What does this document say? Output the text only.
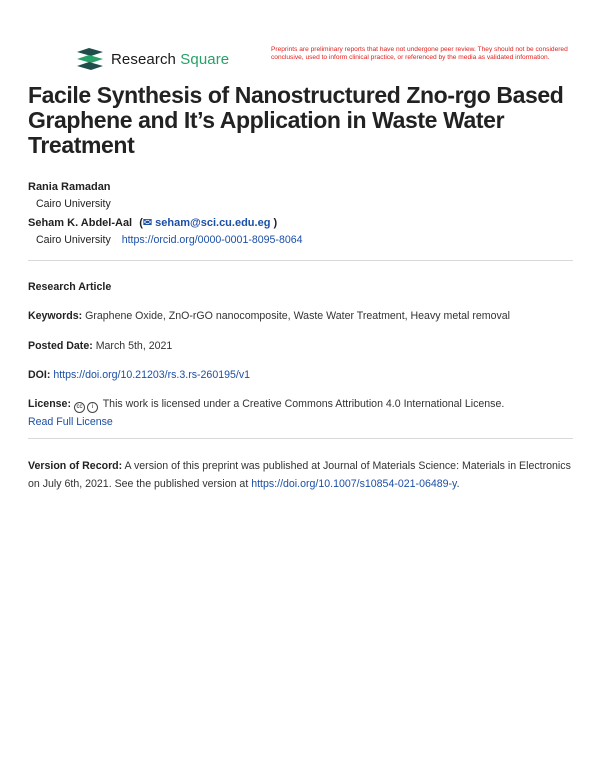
Research Square
Preprints are preliminary reports that have not undergone peer review. They should not be considered conclusive, used to inform clinical practice, or referenced by the media as validated information.
Facile Synthesis of Nanostructured Zno-rgo Based Graphene and It’s Application in Waste Water Treatment
Rania Ramadan
Cairo University
Seham K. Abdel-Aal (✉ seham@sci.cu.edu.eg )
Cairo University https://orcid.org/0000-0001-8095-8064
Research Article
Keywords: Graphene Oxide, ZnO-rGO nanocomposite, Waste Water Treatment, Heavy metal removal
Posted Date: March 5th, 2021
DOI: https://doi.org/10.21203/rs.3.rs-260195/v1
License: cc i This work is licensed under a Creative Commons Attribution 4.0 International License.
Read Full License
Version of Record: A version of this preprint was published at Journal of Materials Science: Materials in Electronics on July 6th, 2021. See the published version at https://doi.org/10.1007/s10854-021-06489-y.
